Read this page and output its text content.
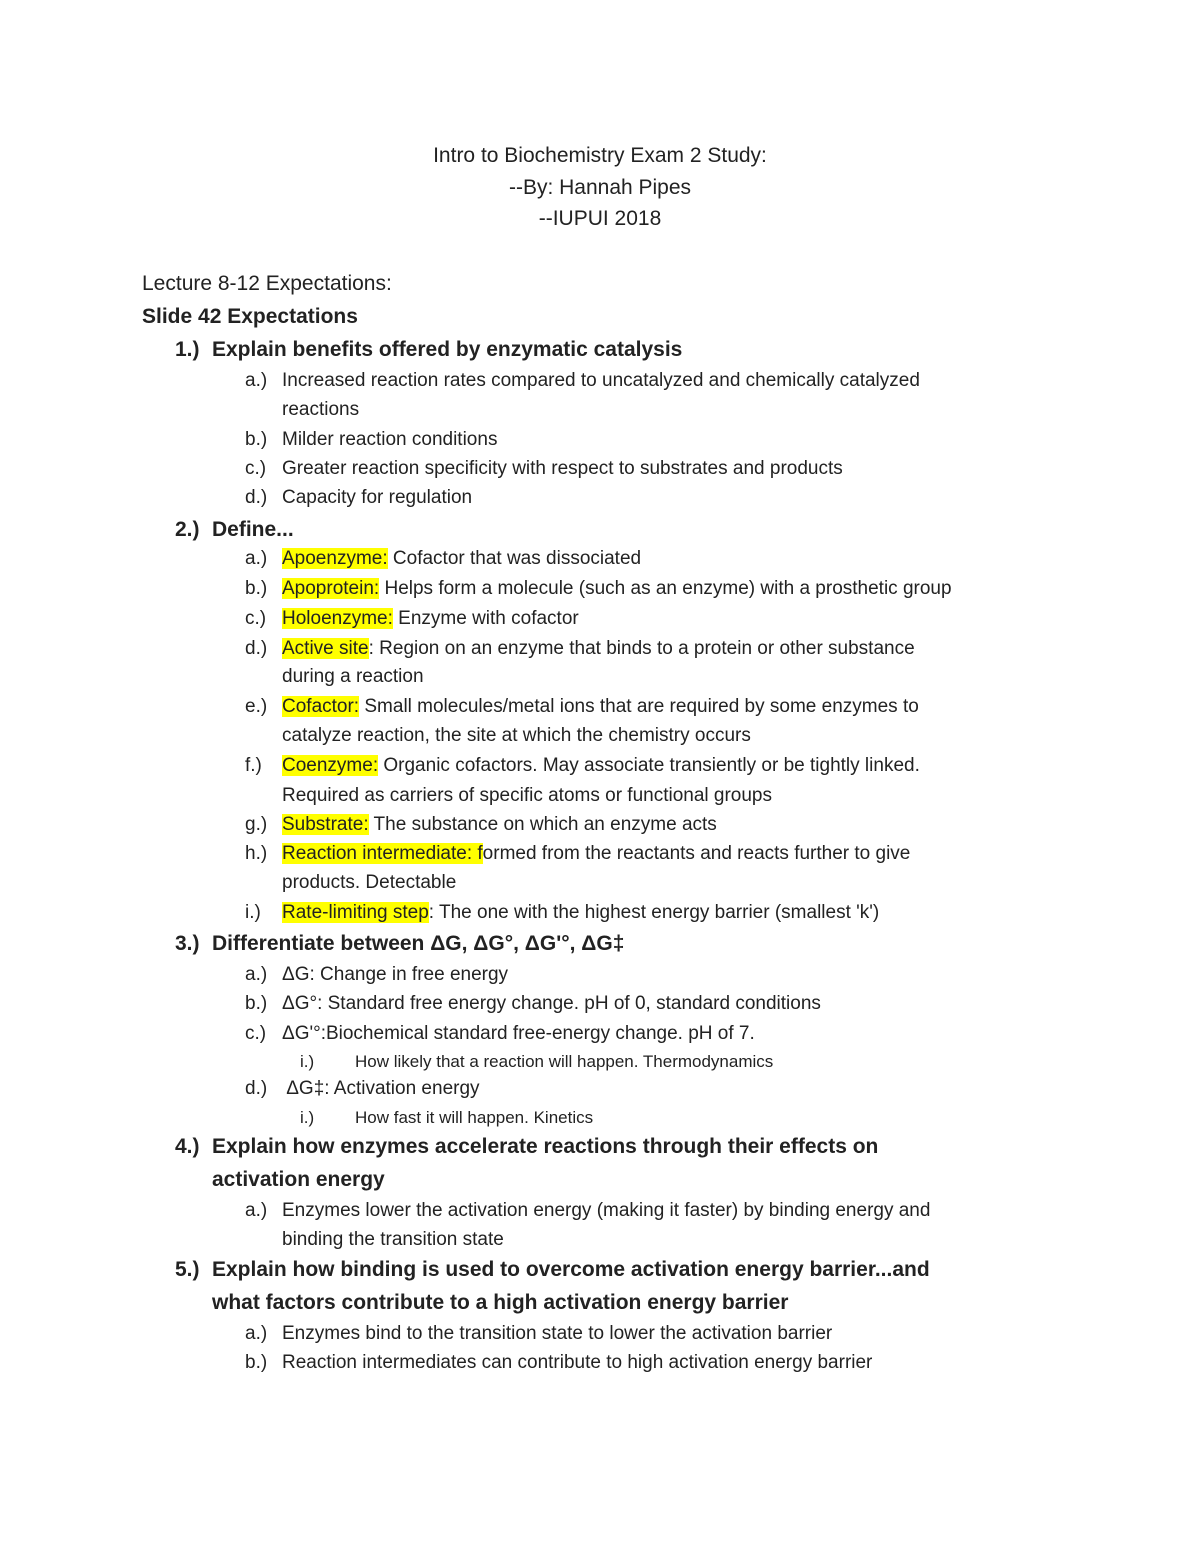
Intro to Biochemistry Exam 2 Study:
--By: Hannah Pipes
--IUPUI 2018
Lecture 8-12 Expectations:
Slide 42 Expectations
1.) Explain benefits offered by enzymatic catalysis
a.) Increased reaction rates compared to uncatalyzed and chemically catalyzed
reactions
b.) Milder reaction conditions
c.) Greater reaction specificity with respect to substrates and products
d.) Capacity for regulation
2.) Define...
a.) Apoenzyme: Cofactor that was dissociated
b.) Apoprotein: Helps form a molecule (such as an enzyme) with a prosthetic group
c.) Holoenzyme: Enzyme with cofactor
d.) Active site: Region on an enzyme that binds to a protein or other substance
during a reaction
e.) Cofactor: Small molecules/metal ions that are required by some enzymes to
catalyze reaction, the site at which the chemistry occurs
f.) Coenzyme: Organic cofactors. May associate transiently or be tightly linked.
Required as carriers of specific atoms or functional groups
g.) Substrate: The substance on which an enzyme acts
h.) Reaction intermediate: formed from the reactants and reacts further to give
products. Detectable
i.) Rate-limiting step: The one with the highest energy barrier (smallest 'k')
3.) Differentiate between ΔG, ΔG°, ΔG'°, ΔG‡
a.) ΔG: Change in free energy
b.) ΔG°: Standard free energy change. pH of 0, standard conditions
c.) ΔG'°:Biochemical standard free-energy change. pH of 7.
i.) How likely that a reaction will happen. Thermodynamics
d.) ΔG‡: Activation energy
i.) How fast it will happen. Kinetics
4.) Explain how enzymes accelerate reactions through their effects on
activation energy
a.) Enzymes lower the activation energy (making it faster) by binding energy and
binding the transition state
5.) Explain how binding is used to overcome activation energy barrier...and
what factors contribute to a high activation energy barrier
a.) Enzymes bind to the transition state to lower the activation barrier
b.) Reaction intermediates can contribute to high activation energy barrier
